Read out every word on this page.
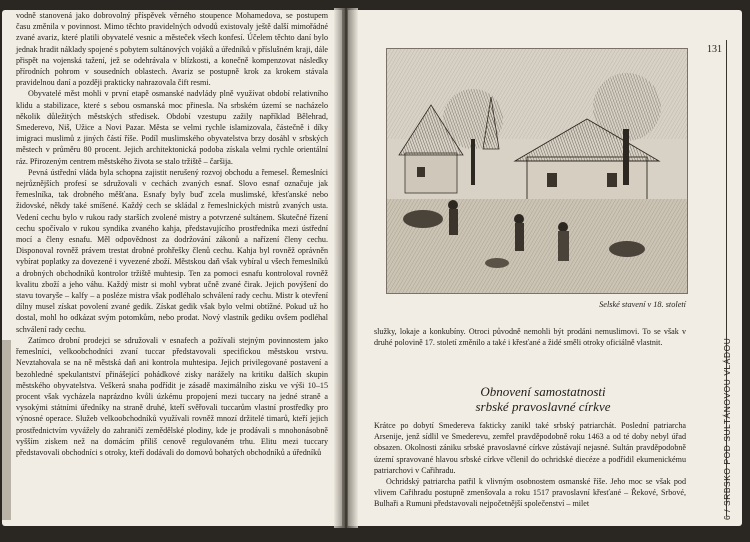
vodně stanovená jako dobrovolný příspěvek věrného stoupence Mohamedova, se postupem času změnila v povinnost. Mimo těchto pravidelných odvodů existovaly ještě další mimořádné zvané avariz, které platili obyvatelé vesnic a městeček všech konfesí. Účelem těchto daní bylo jednak hradit náklady spojené s pobytem sultánových vojáků a úředníků v příslušném kraji, dále přispět na vojenská tažení, jež se odehrávala v blízkosti, a konečně kompenzovat následky přírodních pohrom v sousedních oblastech. Avariz se postupně krok za krokem stávala pravidelnou daní a později prakticky nahrazovala čift resmi.

Obyvatelé měst mohli v první etapě osmanské nadvlády plně využívat období relativního klidu a stabilizace, které s sebou osmanská moc přinesla. Na srbském území se nacházelo několik důležitých městských středisek. Období vzestupu zažily například Bělehrad, Smederevo, Niš, Užice a Novi Pazar. Města se velmi rychle islamizovala, částečně i díky imigraci muslimů z jiných částí říše. Podíl muslimského obyvatelstva brzy dosáhl v srbských městech v průměru 80 procent. Jejich architektonická podoba získala velmi rychle orientální ráz. Přirozeným centrem městského života se stalo tržiště – čaršija.

Pevná ústřední vláda byla schopna zajistit nerušený rozvoj obchodu a řemesel. Řemeslníci nejrůznějších profesí se sdružovali v cechách zvaných esnaf. Slovo esnaf označuje jak řemeslníka, tak drobného měšťana. Esnafy byly buď zcela muslimské, křesťanské nebo židovské, někdy také smíšené. Každý cech se skládal z řemeslnických mistrů zvaných usta. Vedení cechu bylo v rukou rady starších zvolené mistry a potvrzené sultánem. Skutečné řízení cechu spočívalo v rukou syndika zvaného kahja, představujícího prostředníka mezi ústřední mocí a členy esnafu. Měl odpovědnost za dodržování zákonů a nařízení členy cechu. Disponoval rovněž právem trestat drobné prohřešky členů cechu. Kahja byl rovněž oprávněn vybírat poplatky za dovezené i vyvezené zboží. Městskou daň však vybíral u všech řemeslníků a drobných obchodníků kontrolor tržiště muhtesip. Ten za pomoci esnafu kontroloval rovněž kvalitu zboží a jeho váhu. Každý mistr si mohl vybrat učně zvané čirak. Jejich povýšení do stavu tovaryše – kalfy – a posléze mistra však podléhalo schválení rady cechu. Mistr k otevření dílny musel získat povolení zvané gedik. Získat gedik však bylo velmi obtížné. Pokud už ho dostal, mohl ho odkázat svým potomkům, nebo prodat. Nový vlastník gediku ovšem podléhal schválení rady cechu.

Zatímco drobní prodejci se sdružovali v esnafech a požívali stejným povinnostem jako řemeslníci, velkoobchodníci zvaní tuccar představovali specifickou městskou vrstvu. Nevztahovala se na ně městská daň ani kontrola muhtesipa. Jejich privilegované postavení a bezohledné spekulantství přinášející pohádkové zisky narážely na kritiku dalších skupin městského obyvatelstva. Veškerá snaha podřídit je zásadě maximálního zisku ve výši 10–15 procent však vycházela naprázdno kvůli úzkému propojení mezi tuccary na jedné straně a vysokými státními úředníky na straně druhé, kteří svěřovali tuccarům vlastní prostředky pro výnosné operace. Služeb velkoobchodníků využívali rovněž mnozí držitelé timarů, kteří jejich prostřednictvím vyvážely do zahraničí zemědělské plodiny, kde je prodávali s mnohonásobně vyšším ziskem než na domácím příliš cenově regulovaném trhu. Elitu mezi tuccary představovali obchodníci s otroky, kteří dodávali do domovů bohatých obchodníků a úředníků

131
6 / SRBSKO POD SULTÁNOVOU VLÁDOU
Selské stavení v 18. století

služky, lokaje a konkubíny. Otroci původně nemohli být prodáni nemuslimovi. To se však v druhé polovině 17. století změnilo a také i křesťané a židé směli otroky oficiálně vlastnit.

Obnovení samostatnosti
srbské pravoslavné církve

Krátce po dobytí Smedereva fakticky zanikl také srbský patriarchát. Poslední patriarcha Arsenije, jenž sídlil ve Smederevu, zemřel pravděpodobně roku 1463 a od té doby nebyl úřad obsazen. Okolnosti zániku srbské pravoslavné církve zůstávají nejasné. Sultán pravděpodobně území spravované hlavou srbské církve včlenil do ochridské diecéze a podřídil ekumenickému patriarchovi v Cařihradu.

Ochridský patriarcha patřil k vlivným osobnostem osmanské říše. Jeho moc se však pod vlivem Cařihradu postupně zmenšovala a roku 1517 pravoslavní křesťané – Řekové, Srbové, Bulhaři a Rumuni představovali nejpočetnější společenství – milet
